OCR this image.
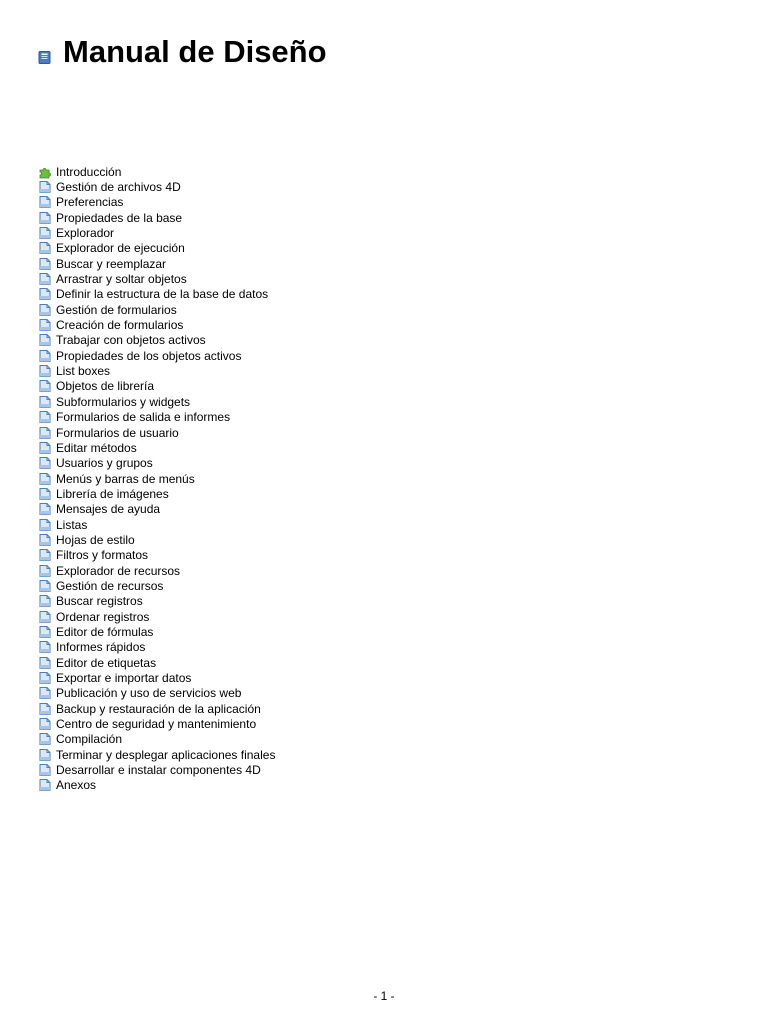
Manual de Diseño
Introducción
Gestión de archivos 4D
Preferencias
Propiedades de la base
Explorador
Explorador de ejecución
Buscar y reemplazar
Arrastrar y soltar objetos
Definir la estructura de la base de datos
Gestión de formularios
Creación de formularios
Trabajar con objetos activos
Propiedades de los objetos activos
List boxes
Objetos de librería
Subformularios y widgets
Formularios de salida e informes
Formularios de usuario
Editar métodos
Usuarios y grupos
Menús y barras de menús
Librería de imágenes
Mensajes de ayuda
Listas
Hojas de estilo
Filtros y formatos
Explorador de recursos
Gestión de recursos
Buscar registros
Ordenar registros
Editor de fórmulas
Informes rápidos
Editor de etiquetas
Exportar e importar datos
Publicación y uso de servicios web
Backup y restauración de la aplicación
Centro de seguridad y mantenimiento
Compilación
Terminar y desplegar aplicaciones finales
Desarrollar e instalar componentes 4D
Anexos
- 1 -
